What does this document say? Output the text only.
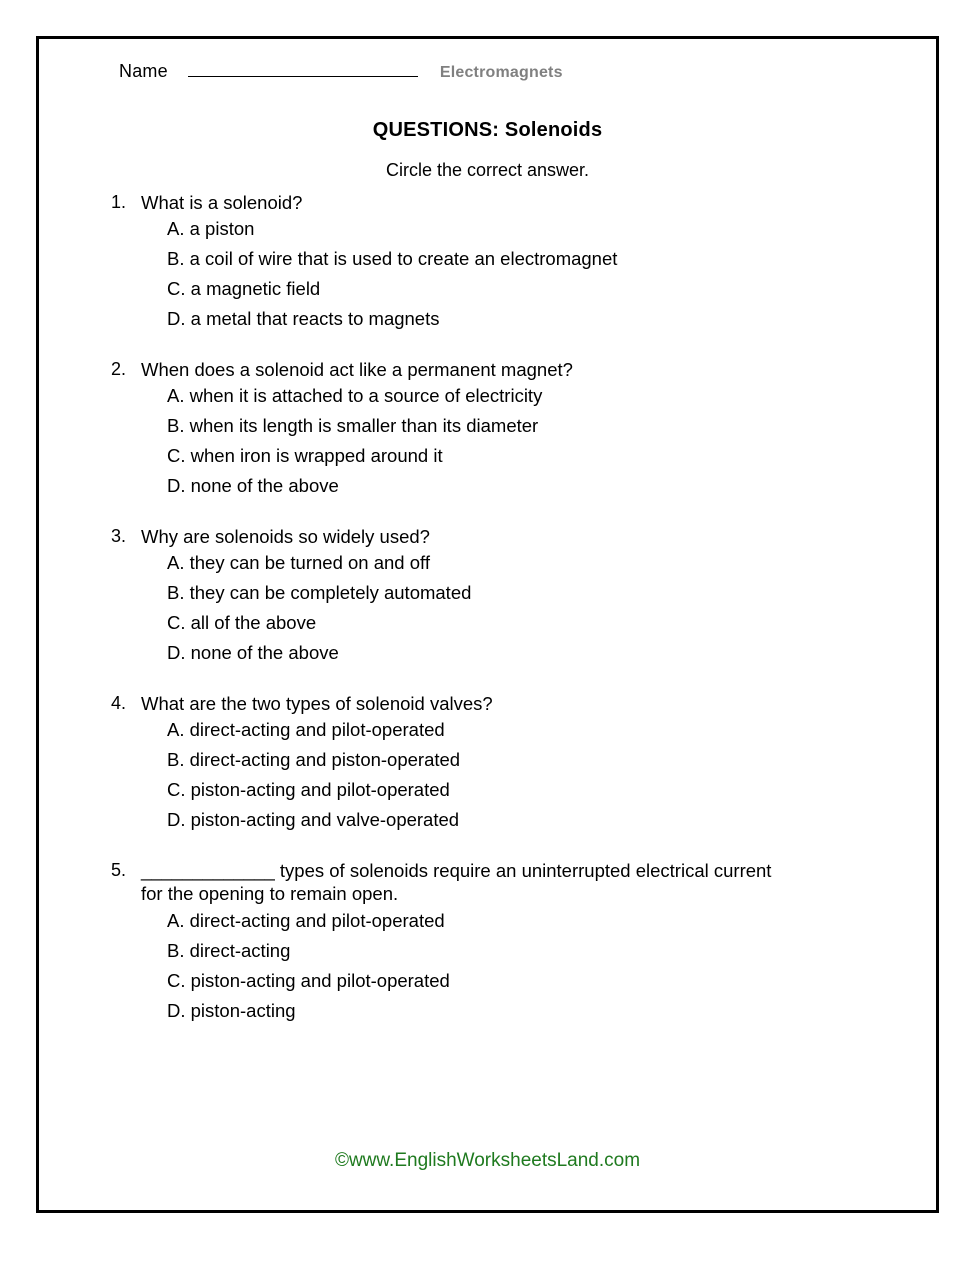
Name	Electromagnets
QUESTIONS: Solenoids
Circle the correct answer.
1. What is a solenoid?
A. a piston
B. a coil of wire that is used to create an electromagnet
C. a magnetic field
D. a metal that reacts to magnets
2. When does a solenoid act like a permanent magnet?
A. when it is attached to a source of electricity
B. when its length is smaller than its diameter
C. when iron is wrapped around it
D. none of the above
3. Why are solenoids so widely used?
A. they can be turned on and off
B. they can be completely automated
C. all of the above
D. none of the above
4. What are the two types of solenoid valves?
A. direct-acting and pilot-operated
B. direct-acting and piston-operated
C. piston-acting and pilot-operated
D. piston-acting and valve-operated
5. _____________ types of solenoids require an uninterrupted electrical current
for the opening to remain open.
A. direct-acting and pilot-operated
B. direct-acting
C. piston-acting and pilot-operated
D. piston-acting
©www.EnglishWorksheetsLand.com
